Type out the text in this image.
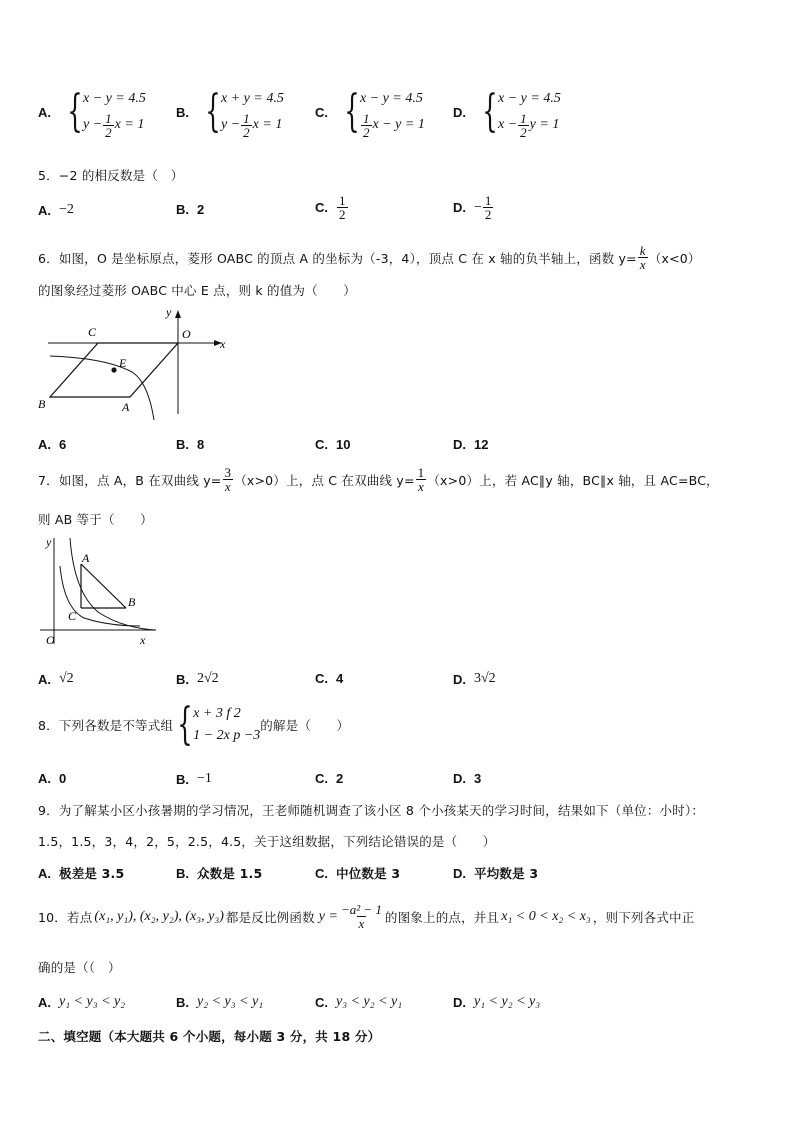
A. { x − y = 4.5
$y - \frac{1}{2}$ x = 1
B. { x + y = 4.5
$y - \frac{1}{2}$ x = 1
C. { x − y = 4.5
$\frac{1}{2}$ x − y = 1
D. { x − y = 4.5
$x - \frac{1}{2}$ y = 1
5．−2 的相反数是（　）
A. −2	B. 2	C. $\frac{1}{2}$	D. − $\frac{1}{2}$
6．如图，O 是坐标原点，菱形 OABC 的顶点 A 的坐标为（-3，4），顶点 C 在 x 轴的负半轴上，函数 $y= \frac{k}{x} (x<0)$
的图象经过菱形 OABC 中心 E 点，则 k 的值为（　　）
C	O
y
x
E
B	A
A. 6	B. 8	C. 10	D. 12
7．如图，点 A，B 在双曲线 $y= \frac{3}{x} (x>0)$上，点 C 在双曲线 $y= \frac{1}{x} (x>0)$上，若 AC∥y 轴，BC∥x 轴，且 AC=BC，
则 AB 等于（　　）
y
A
B
C
O	x
A. √2	B. 2√2	C. 4	D. 3√2
8．下列各数是不等式组 { x + 3 f 2
1 − 2x p −3
的解是（　　）
A. 0	B. −1	C. 2	D. 3
9．为了解某小区小孩暑期的学习情况，王老师随机调查了该小区 8 个小孩某天的学习时间，结果如下（单位：小时）：
1.5，1.5，3，4，2，5，2.5，4.5，关于这组数据，下列结论错误的是（　　）
A. 极差是 3.5	B. 众数是 1.5	C. 中位数是 3	D. 平均数是 3
10．若点 (x₁, y₁), (x₂, y₂), (x₃, y₃) 都是反比例函数 $y = \frac{\text{−a² − 1}}{x}$ 的图象上的点，并且 x₁ < 0 < x₂ < x₃ ，则下列各式中正
确的是（（　）
A. y₁ < y₃ < y₂	B. y₂ < y₃ < y₁	C. y₃ < y₂ < y₁	D. y₁ < y₂ < y₃
二、填空题（本大题共 6 个小题，每小题 3 分，共 18 分）
